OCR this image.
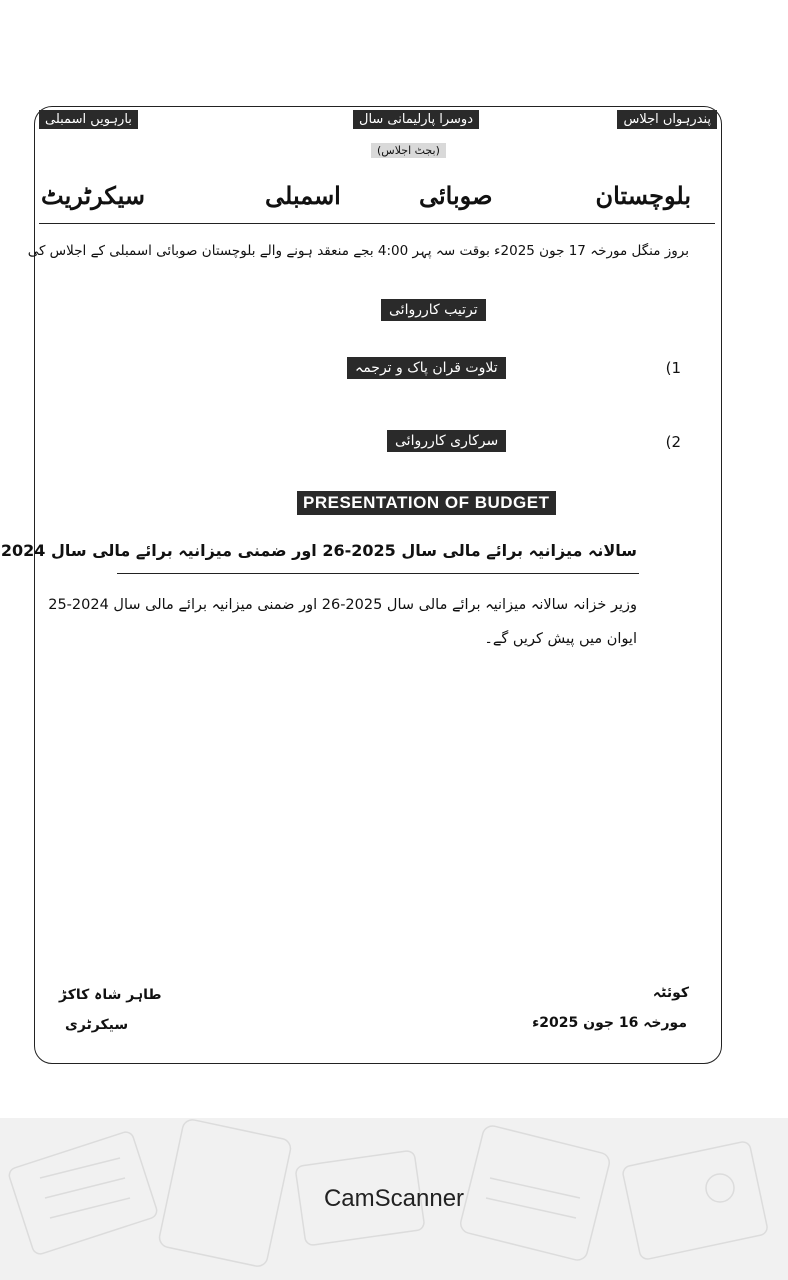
پندرہواں اجلاس
دوسرا پارلیمانی سال
(بجٹ اجلاس)
بارہویں اسمبلی
بلوچستان
صوبائی
اسمبلی
سیکرٹریٹ
بروز منگل مورخہ 17 جون 2025ء بوقت سہ پہر 4:00 بجے منعقد ہونے والے بلوچستان صوبائی اسمبلی کے اجلاس کی
ترتیب کارروائی
(1
تلاوت قران پاک و ترجمہ
(2
سرکاری کارروائی
PRESENTATION OF BUDGET
سالانہ میزانیہ برائے مالی سال 2025-26 اور ضمنی میزانیہ برائے مالی سال 2024
وزیر خزانہ سالانہ میزانیہ برائے مالی سال 2025-26 اور ضمنی میزانیہ برائے مالی سال 2024-25
ایوان میں پیش کریں گے۔
کوئٹہ
مورخہ 16 جون 2025ء
طاہر شاہ کاکڑ
سیکرٹری
CamScanner
